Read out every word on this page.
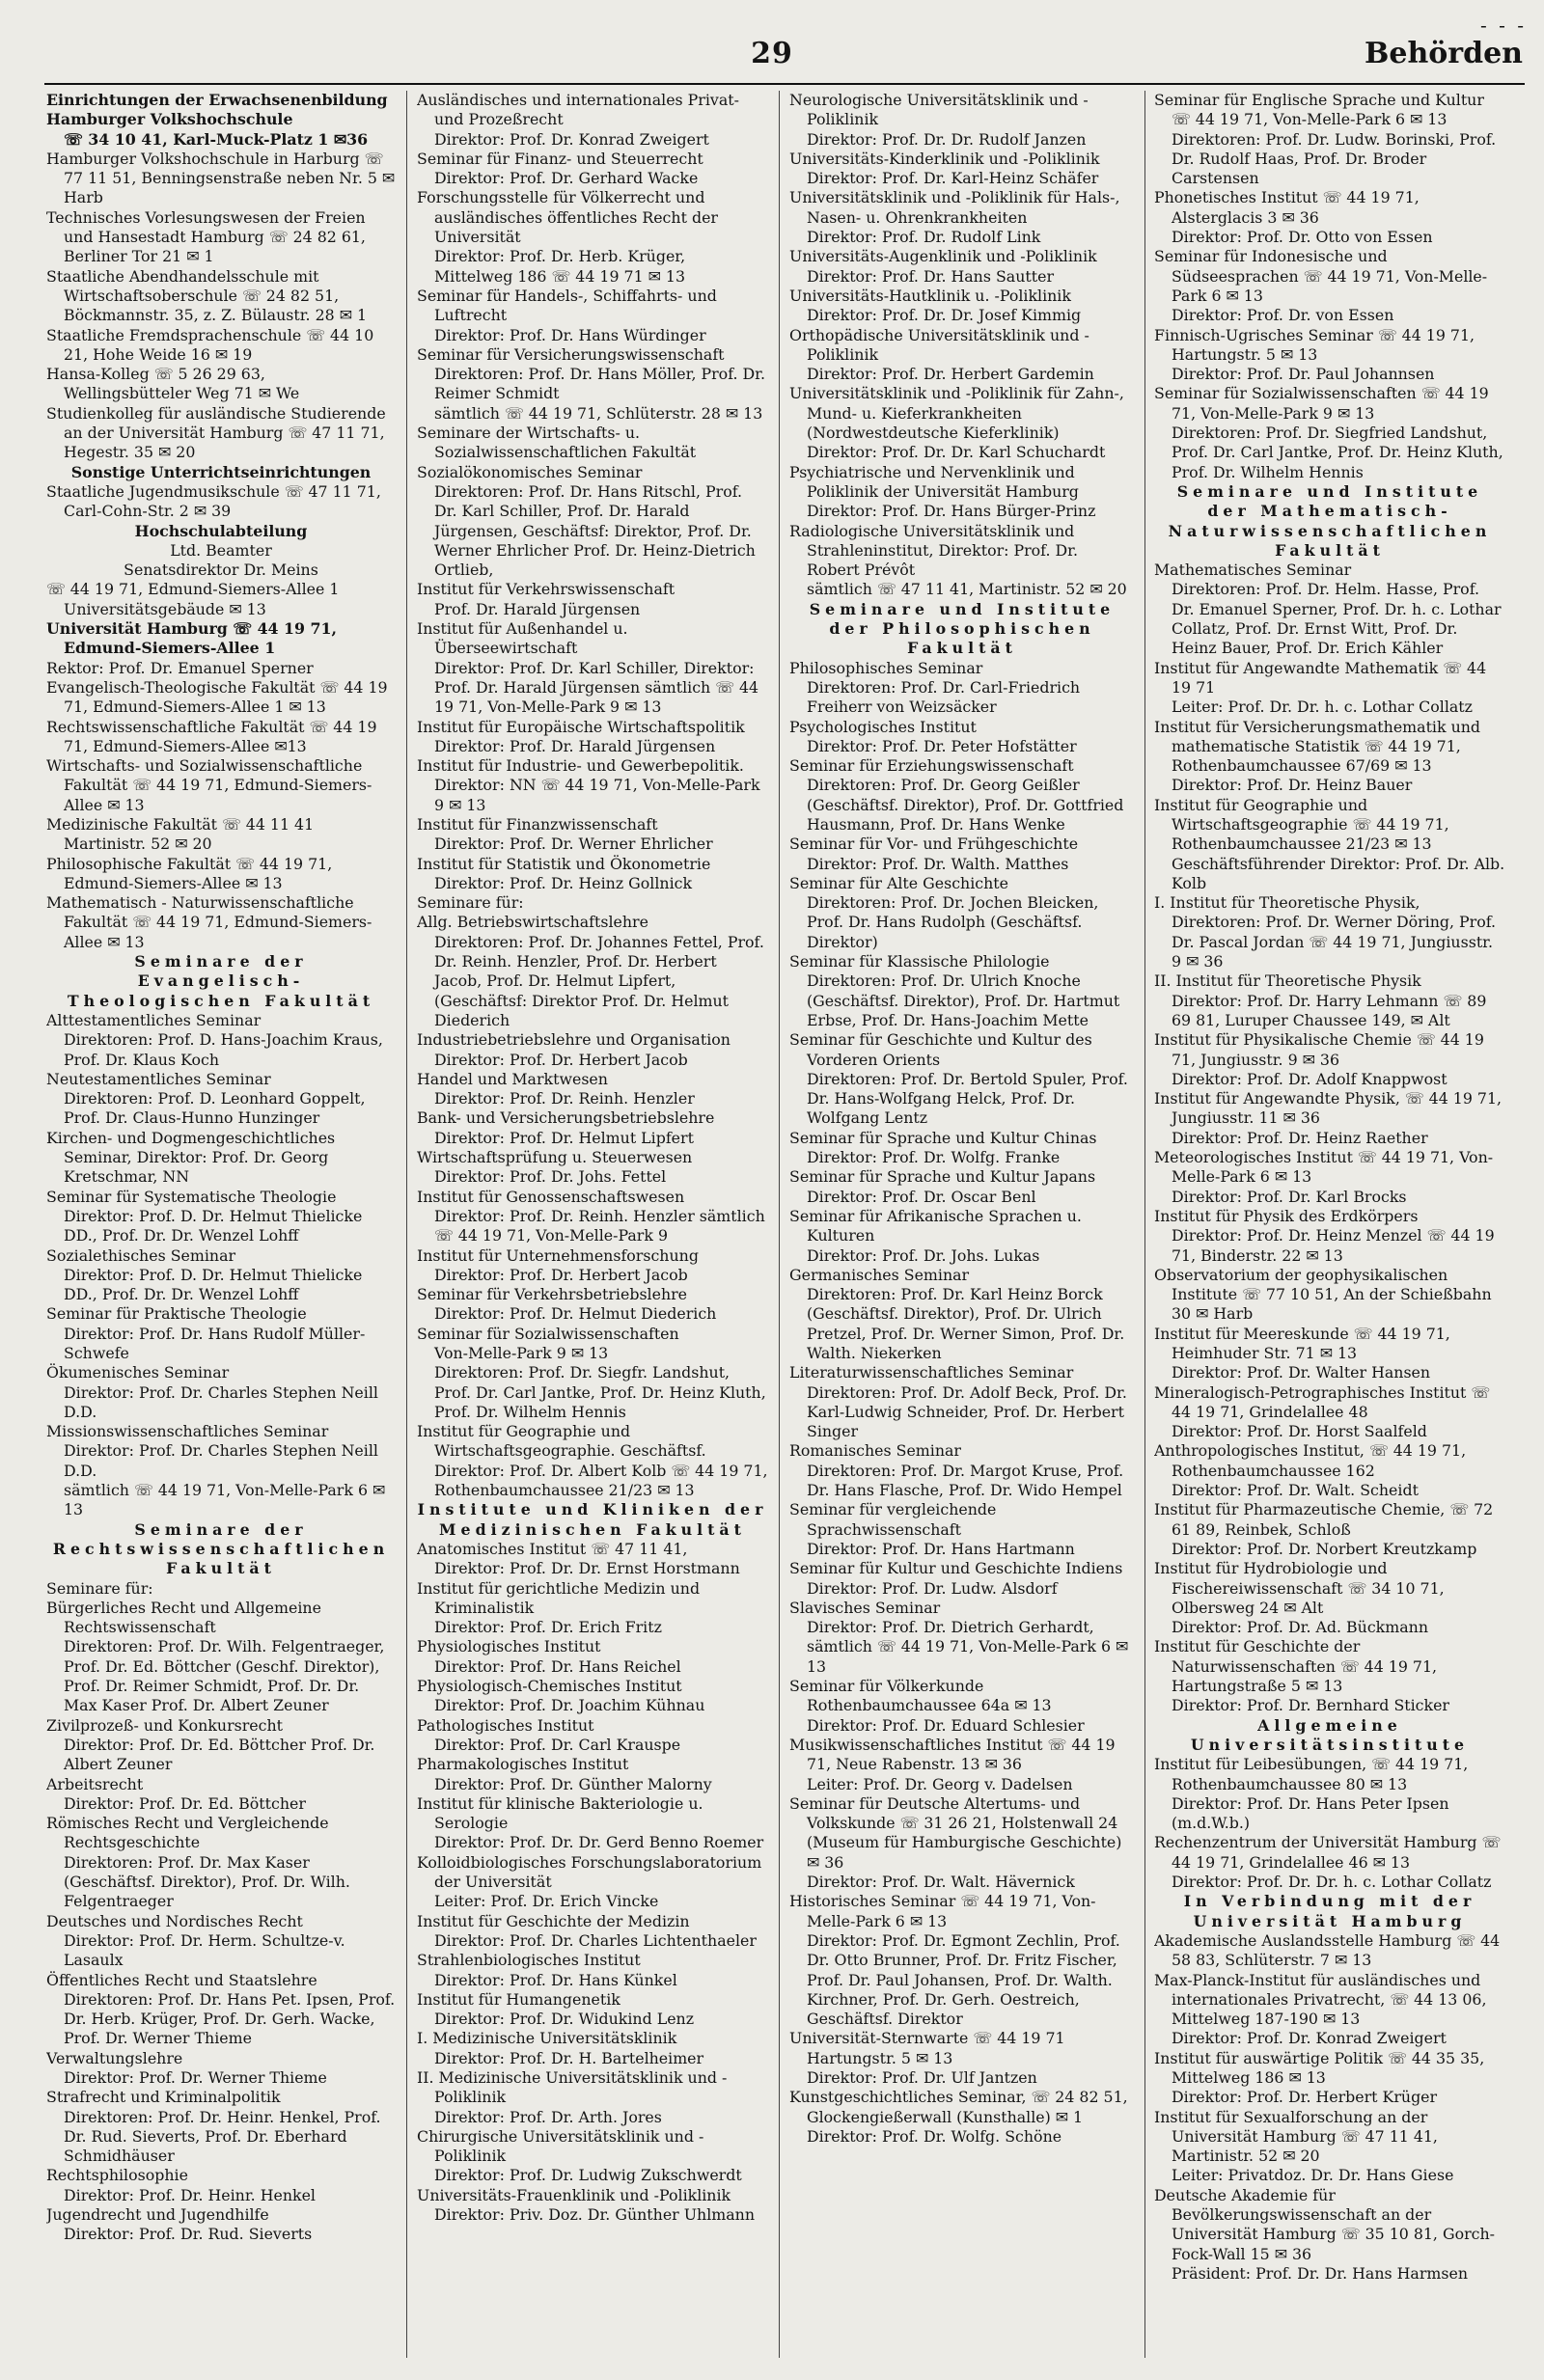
- - -
29	Behörden

Einrichtungen der Erwachsenenbildung

Hamburger Volkshochschule
☏ 34 10 41, Karl-Muck-Platz 1 ✉36

Hamburger Volkshochschule in Harburg ☏ 77 11 51, Benningsenstraße neben Nr. 5 ✉ Harb

Technisches Vorlesungswesen der Freien und Hansestadt Hamburg ☏ 24 82 61, Berliner Tor 21 ✉ 1

Staatliche Abendhandelsschule mit Wirtschaftsoberschule ☏ 24 82 51, Böckmannstr. 35, z. Z. Bülaustr. 28 ✉ 1

Staatliche Fremdsprachenschule ☏ 44 10 21, Hohe Weide 16 ✉ 19

Hansa-Kolleg ☏ 5 26 29 63, Wellingsbütteler Weg 71 ✉ We

Studienkolleg für ausländische Studierende an der Universität Hamburg ☏ 47 11 71, Hegestr. 35 ✉ 20

Sonstige Unterrichtseinrichtungen

Staatliche Jugendmusikschule ☏ 47 11 71, Carl-Cohn-Str. 2 ✉ 39

Hochschulabteilung

Ltd. Beamter
Senatsdirektor Dr. Meins

☏ 44 19 71, Edmund-Siemers-Allee 1 Universitätsgebäude ✉ 13

Universität Hamburg ☏ 44 19 71, Edmund-Siemers-Allee 1

Rektor: Prof. Dr. Emanuel Sperner

Evangelisch-Theologische Fakultät ☏ 44 19 71, Edmund-Siemers-Allee 1 ✉ 13

Rechtswissenschaftliche Fakultät ☏ 44 19 71, Edmund-Siemers-Allee ✉13

Wirtschafts- und Sozialwissenschaftliche Fakultät ☏ 44 19 71, Edmund-Siemers-Allee ✉ 13

Medizinische Fakultät ☏ 44 11 41 Martinistr. 52 ✉ 20

Philosophische Fakultät ☏ 44 19 71, Edmund-Siemers-Allee ✉ 13

Mathematisch - Naturwissenschaftliche Fakultät ☏ 44 19 71, Edmund-Siemers-Allee ✉ 13

Seminare der Evangelisch-Theologischen Fakultät

Alttestamentliches Seminar
Direktoren: Prof. D. Hans-Joachim Kraus, Prof. Dr. Klaus Koch

Neutestamentliches Seminar
Direktoren: Prof. D. Leonhard Goppelt, Prof. Dr. Claus-Hunno Hunzinger

Kirchen- und Dogmengeschichtliches Seminar, Direktor: Prof. Dr. Georg Kretschmar, NN

Seminar für Systematische Theologie
Direktor: Prof. D. Dr. Helmut Thielicke DD., Prof. Dr. Dr. Wenzel Lohff

Sozialethisches Seminar
Direktor: Prof. D. Dr. Helmut Thielicke DD., Prof. Dr. Dr. Wenzel Lohff

Seminar für Praktische Theologie
Direktor: Prof. Dr. Hans Rudolf Müller-Schwefe

Ökumenisches Seminar
Direktor: Prof. Dr. Charles Stephen Neill D.D.

Missionswissenschaftliches Seminar
Direktor: Prof. Dr. Charles Stephen Neill D.D.
sämtlich ☏ 44 19 71, Von-Melle-Park 6 ✉ 13

Seminare der Rechtswissenschaftlichen Fakultät

Seminare für:

Bürgerliches Recht und Allgemeine Rechtswissenschaft
Direktoren: Prof. Dr. Wilh. Felgentraeger, Prof. Dr. Ed. Böttcher (Geschf. Direktor), Prof. Dr. Reimer Schmidt, Prof. Dr. Dr. Max Kaser Prof. Dr. Albert Zeuner

Zivilprozeß- und Konkursrecht
Direktor: Prof. Dr. Ed. Böttcher Prof. Dr. Albert Zeuner

Arbeitsrecht
Direktor: Prof. Dr. Ed. Böttcher

Römisches Recht und Vergleichende Rechtsgeschichte
Direktoren: Prof. Dr. Max Kaser (Geschäftsf. Direktor), Prof. Dr. Wilh. Felgentraeger

Deutsches und Nordisches Recht
Direktor: Prof. Dr. Herm. Schultze-v. Lasaulx

Öffentliches Recht und Staatslehre
Direktoren: Prof. Dr. Hans Pet. Ipsen, Prof. Dr. Herb. Krüger, Prof. Dr. Gerh. Wacke, Prof. Dr. Werner Thieme

Verwaltungslehre
Direktor: Prof. Dr. Werner Thieme

Strafrecht und Kriminalpolitik
Direktoren: Prof. Dr. Heinr. Henkel, Prof. Dr. Rud. Sieverts, Prof. Dr. Eberhard Schmidhäuser

Rechtsphilosophie
Direktor: Prof. Dr. Heinr. Henkel

Jugendrecht und Jugendhilfe
Direktor: Prof. Dr. Rud. Sieverts

Ausländisches und internationales Privat- und Prozeßrecht
Direktor: Prof. Dr. Konrad Zweigert

Seminar für Finanz- und Steuerrecht
Direktor: Prof. Dr. Gerhard Wacke

Forschungsstelle für Völkerrecht und ausländisches öffentliches Recht der Universität
Direktor: Prof. Dr. Herb. Krüger, Mittelweg 186 ☏ 44 19 71 ✉ 13

Seminar für Handels-, Schiffahrts- und Luftrecht
Direktor: Prof. Dr. Hans Würdinger

Seminar für Versicherungswissenschaft
Direktoren: Prof. Dr. Hans Möller, Prof. Dr. Reimer Schmidt
sämtlich ☏ 44 19 71, Schlüterstr. 28 ✉ 13

Seminare der Wirtschafts- u. Sozialwissenschaftlichen Fakultät

Sozialökonomisches Seminar
Direktoren: Prof. Dr. Hans Ritschl, Prof. Dr. Karl Schiller, Prof. Dr. Harald Jürgensen, Geschäftsf: Direktor, Prof. Dr. Werner Ehrlicher Prof. Dr. Heinz-Dietrich Ortlieb,

Institut für Verkehrswissenschaft
Prof. Dr. Harald Jürgensen

Institut für Außenhandel u. Überseewirtschaft
Direktor: Prof. Dr. Karl Schiller, Direktor: Prof. Dr. Harald Jürgensen sämtlich ☏ 44 19 71, Von-Melle-Park 9 ✉ 13

Institut für Europäische Wirtschaftspolitik
Direktor: Prof. Dr. Harald Jürgensen

Institut für Industrie- und Gewerbepolitik. Direktor: NN ☏ 44 19 71, Von-Melle-Park 9 ✉ 13

Institut für Finanzwissenschaft
Direktor: Prof. Dr. Werner Ehrlicher

Institut für Statistik und Ökonometrie
Direktor: Prof. Dr. Heinz Gollnick

Seminare für:

Allg. Betriebswirtschaftslehre
Direktoren: Prof. Dr. Johannes Fettel, Prof. Dr. Reinh. Henzler, Prof. Dr. Herbert Jacob, Prof. Dr. Helmut Lipfert, (Geschäftsf: Direktor Prof. Dr. Helmut Diederich

Industriebetriebslehre und Organisation
Direktor: Prof. Dr. Herbert Jacob

Handel und Marktwesen
Direktor: Prof. Dr. Reinh. Henzler

Bank- und Versicherungsbetriebslehre
Direktor: Prof. Dr. Helmut Lipfert

Wirtschaftsprüfung u. Steuerwesen
Direktor: Prof. Dr. Johs. Fettel

Institut für Genossenschaftswesen
Direktor: Prof. Dr. Reinh. Henzler sämtlich ☏ 44 19 71, Von-Melle-Park 9

Institut für Unternehmensforschung
Direktor: Prof. Dr. Herbert Jacob

Seminar für Verkehrsbetriebslehre
Direktor: Prof. Dr. Helmut Diederich

Seminar für Sozialwissenschaften
Von-Melle-Park 9 ✉ 13
Direktoren: Prof. Dr. Siegfr. Landshut, Prof. Dr. Carl Jantke, Prof. Dr. Heinz Kluth, Prof. Dr. Wilhelm Hennis

Institut für Geographie und Wirtschaftsgeographie. Geschäftsf. Direktor: Prof. Dr. Albert Kolb ☏ 44 19 71, Rothenbaumchaussee 21/23 ✉ 13

Institute und Kliniken der Medizinischen Fakultät

Anatomisches Institut ☏ 47 11 41,
Direktor: Prof. Dr. Dr. Ernst Horstmann

Institut für gerichtliche Medizin und Kriminalistik
Direktor: Prof. Dr. Erich Fritz

Physiologisches Institut
Direktor: Prof. Dr. Hans Reichel

Physiologisch-Chemisches Institut
Direktor: Prof. Dr. Joachim Kühnau

Pathologisches Institut
Direktor: Prof. Dr. Carl Krauspe

Pharmakologisches Institut
Direktor: Prof. Dr. Günther Malorny

Institut für klinische Bakteriologie u. Serologie
Direktor: Prof. Dr. Dr. Gerd Benno Roemer

Kolloidbiologisches Forschungslaboratorium der Universität
Leiter: Prof. Dr. Erich Vincke

Institut für Geschichte der Medizin
Direktor: Prof. Dr. Charles Lichtenthaeler

Strahlenbiologisches Institut
Direktor: Prof. Dr. Hans Künkel

Institut für Humangenetik
Direktor: Prof. Dr. Widukind Lenz

I. Medizinische Universitätsklinik
Direktor: Prof. Dr. H. Bartelheimer

II. Medizinische Universitätsklinik und -Poliklinik
Direktor: Prof. Dr. Arth. Jores

Chirurgische Universitätsklinik und -Poliklinik
Direktor: Prof. Dr. Ludwig Zukschwerdt

Universitäts-Frauenklinik und -Poliklinik
Direktor: Priv. Doz. Dr. Günther Uhlmann

Neurologische Universitätsklinik und -Poliklinik
Direktor: Prof. Dr. Dr. Rudolf Janzen

Universitäts-Kinderklinik und -Poliklinik
Direktor: Prof. Dr. Karl-Heinz Schäfer

Universitätsklinik und -Poliklinik für Hals-, Nasen- u. Ohrenkrankheiten
Direktor: Prof. Dr. Rudolf Link

Universitäts-Augenklinik und -Poliklinik
Direktor: Prof. Dr. Hans Sautter

Universitäts-Hautklinik u. -Poliklinik
Direktor: Prof. Dr. Dr. Josef Kimmig

Orthopädische Universitätsklinik und -Poliklinik
Direktor: Prof. Dr. Herbert Gardemin

Universitätsklinik und -Poliklinik für Zahn-, Mund- u. Kieferkrankheiten (Nordwestdeutsche Kieferklinik)
Direktor: Prof. Dr. Dr. Karl Schuchardt

Psychiatrische und Nervenklinik und Poliklinik der Universität Hamburg
Direktor: Prof. Dr. Hans Bürger-Prinz

Radiologische Universitätsklinik und Strahleninstitut, Direktor: Prof. Dr. Robert Prévôt
sämtlich ☏ 47 11 41, Martinistr. 52 ✉ 20

Seminare und Institute der Philosophischen Fakultät

Philosophisches Seminar
Direktoren: Prof. Dr. Carl-Friedrich Freiherr von Weizsäcker

Psychologisches Institut
Direktor: Prof. Dr. Peter Hofstätter

Seminar für Erziehungswissenschaft
Direktoren: Prof. Dr. Georg Geißler (Geschäftsf. Direktor), Prof. Dr. Gottfried Hausmann, Prof. Dr. Hans Wenke

Seminar für Vor- und Frühgeschichte
Direktor: Prof. Dr. Walth. Matthes

Seminar für Alte Geschichte
Direktoren: Prof. Dr. Jochen Bleicken, Prof. Dr. Hans Rudolph (Geschäftsf. Direktor)

Seminar für Klassische Philologie
Direktoren: Prof. Dr. Ulrich Knoche (Geschäftsf. Direktor), Prof. Dr. Hartmut Erbse, Prof. Dr. Hans-Joachim Mette

Seminar für Geschichte und Kultur des Vorderen Orients
Direktoren: Prof. Dr. Bertold Spuler, Prof. Dr. Hans-Wolfgang Helck, Prof. Dr. Wolfgang Lentz

Seminar für Sprache und Kultur Chinas
Direktor: Prof. Dr. Wolfg. Franke

Seminar für Sprache und Kultur Japans
Direktor: Prof. Dr. Oscar Benl

Seminar für Afrikanische Sprachen u. Kulturen
Direktor: Prof. Dr. Johs. Lukas

Germanisches Seminar
Direktoren: Prof. Dr. Karl Heinz Borck (Geschäftsf. Direktor), Prof. Dr. Ulrich Pretzel, Prof. Dr. Werner Simon, Prof. Dr. Walth. Niekerken

Literaturwissenschaftliches Seminar
Direktoren: Prof. Dr. Adolf Beck, Prof. Dr. Karl-Ludwig Schneider, Prof. Dr. Herbert Singer

Romanisches Seminar
Direktoren: Prof. Dr. Margot Kruse, Prof. Dr. Hans Flasche, Prof. Dr. Wido Hempel

Seminar für vergleichende Sprachwissenschaft
Direktor: Prof. Dr. Hans Hartmann

Seminar für Kultur und Geschichte Indiens
Direktor: Prof. Dr. Ludw. Alsdorf

Slavisches Seminar
Direktor: Prof. Dr. Dietrich Gerhardt, sämtlich ☏ 44 19 71, Von-Melle-Park 6 ✉ 13

Seminar für Völkerkunde
Rothenbaumchaussee 64a ✉ 13
Direktor: Prof. Dr. Eduard Schlesier

Musikwissenschaftliches Institut ☏ 44 19 71, Neue Rabenstr. 13 ✉ 36
Leiter: Prof. Dr. Georg v. Dadelsen

Seminar für Deutsche Altertums- und Volkskunde ☏ 31 26 21, Holstenwall 24 (Museum für Hamburgische Geschichte) ✉ 36
Direktor: Prof. Dr. Walt. Hävernick

Historisches Seminar ☏ 44 19 71, Von-Melle-Park 6 ✉ 13
Direktor: Prof. Dr. Egmont Zechlin, Prof. Dr. Otto Brunner, Prof. Dr. Fritz Fischer, Prof. Dr. Paul Johansen, Prof. Dr. Walth. Kirchner, Prof. Dr. Gerh. Oestreich, Geschäftsf. Direktor

Universität-Sternwarte ☏ 44 19 71 Hartungstr. 5 ✉ 13
Direktor: Prof. Dr. Ulf Jantzen

Kunstgeschichtliches Seminar, ☏ 24 82 51, Glockengießerwall (Kunsthalle) ✉ 1
Direktor: Prof. Dr. Wolfg. Schöne

Seminar für Englische Sprache und Kultur ☏ 44 19 71, Von-Melle-Park 6 ✉ 13
Direktoren: Prof. Dr. Ludw. Borinski, Prof. Dr. Rudolf Haas, Prof. Dr. Broder Carstensen

Phonetisches Institut ☏ 44 19 71, Alsterglacis 3 ✉ 36
Direktor: Prof. Dr. Otto von Essen

Seminar für Indonesische und Südseesprachen ☏ 44 19 71, Von-Melle-Park 6 ✉ 13
Direktor: Prof. Dr. von Essen

Finnisch-Ugrisches Seminar ☏ 44 19 71, Hartungstr. 5 ✉ 13
Direktor: Prof. Dr. Paul Johannsen

Seminar für Sozialwissenschaften ☏ 44 19 71, Von-Melle-Park 9 ✉ 13
Direktoren: Prof. Dr. Siegfried Landshut, Prof. Dr. Carl Jantke, Prof. Dr. Heinz Kluth, Prof. Dr. Wilhelm Hennis

Seminare und Institute der Mathematisch-Naturwissenschaftlichen Fakultät

Mathematisches Seminar
Direktoren: Prof. Dr. Helm. Hasse, Prof. Dr. Emanuel Sperner, Prof. Dr. h. c. Lothar Collatz, Prof. Dr. Ernst Witt, Prof. Dr. Heinz Bauer, Prof. Dr. Erich Kähler

Institut für Angewandte Mathematik ☏ 44 19 71
Leiter: Prof. Dr. Dr. h. c. Lothar Collatz

Institut für Versicherungsmathematik und mathematische Statistik ☏ 44 19 71, Rothenbaumchaussee 67/69 ✉ 13
Direktor: Prof. Dr. Heinz Bauer

Institut für Geographie und Wirtschaftsgeographie ☏ 44 19 71, Rothenbaumchaussee 21/23 ✉ 13
Geschäftsführender Direktor: Prof. Dr. Alb. Kolb

I. Institut für Theoretische Physik, Direktoren: Prof. Dr. Werner Döring, Prof. Dr. Pascal Jordan ☏ 44 19 71, Jungiusstr. 9 ✉ 36

II. Institut für Theoretische Physik
Direktor: Prof. Dr. Harry Lehmann ☏ 89 69 81, Luruper Chaussee 149, ✉ Alt

Institut für Physikalische Chemie ☏ 44 19 71, Jungiusstr. 9 ✉ 36
Direktor: Prof. Dr. Adolf Knappwost

Institut für Angewandte Physik, ☏ 44 19 71, Jungiusstr. 11 ✉ 36
Direktor: Prof. Dr. Heinz Raether

Meteorologisches Institut ☏ 44 19 71, Von-Melle-Park 6 ✉ 13
Direktor: Prof. Dr. Karl Brocks

Institut für Physik des Erdkörpers
Direktor: Prof. Dr. Heinz Menzel ☏ 44 19 71, Binderstr. 22 ✉ 13

Observatorium der geophysikalischen Institute ☏ 77 10 51, An der Schießbahn 30 ✉ Harb

Institut für Meereskunde ☏ 44 19 71, Heimhuder Str. 71 ✉ 13
Direktor: Prof. Dr. Walter Hansen

Mineralogisch-Petrographisches Institut ☏ 44 19 71, Grindelallee 48
Direktor: Prof. Dr. Horst Saalfeld

Anthropologisches Institut, ☏ 44 19 71, Rothenbaumchaussee 162
Direktor: Prof. Dr. Walt. Scheidt

Institut für Pharmazeutische Chemie, ☏ 72 61 89, Reinbek, Schloß
Direktor: Prof. Dr. Norbert Kreutzkamp

Institut für Hydrobiologie und Fischereiwissenschaft ☏ 34 10 71, Olbersweg 24 ✉ Alt
Direktor: Prof. Dr. Ad. Bückmann

Institut für Geschichte der Naturwissenschaften ☏ 44 19 71, Hartungstraße 5 ✉ 13
Direktor: Prof. Dr. Bernhard Sticker

Allgemeine Universitätsinstitute

Institut für Leibesübungen, ☏ 44 19 71, Rothenbaumchaussee 80 ✉ 13
Direktor: Prof. Dr. Hans Peter Ipsen (m.d.W.b.)

Rechenzentrum der Universität Hamburg ☏ 44 19 71, Grindelallee 46 ✉ 13
Direktor: Prof. Dr. Dr. h. c. Lothar Collatz

In Verbindung mit der Universität Hamburg

Akademische Auslandsstelle Hamburg ☏ 44 58 83, Schlüterstr. 7 ✉ 13

Max-Planck-Institut für ausländisches und internationales Privatrecht, ☏ 44 13 06, Mittelweg 187-190 ✉ 13
Direktor: Prof. Dr. Konrad Zweigert

Institut für auswärtige Politik ☏ 44 35 35, Mittelweg 186 ✉ 13
Direktor: Prof. Dr. Herbert Krüger

Institut für Sexualforschung an der Universität Hamburg ☏ 47 11 41, Martinistr. 52 ✉ 20
Leiter: Privatdoz. Dr. Dr. Hans Giese

Deutsche Akademie für Bevölkerungswissenschaft an der Universität Hamburg ☏ 35 10 81, Gorch-Fock-Wall 15 ✉ 36
Präsident: Prof. Dr. Dr. Hans Harmsen
